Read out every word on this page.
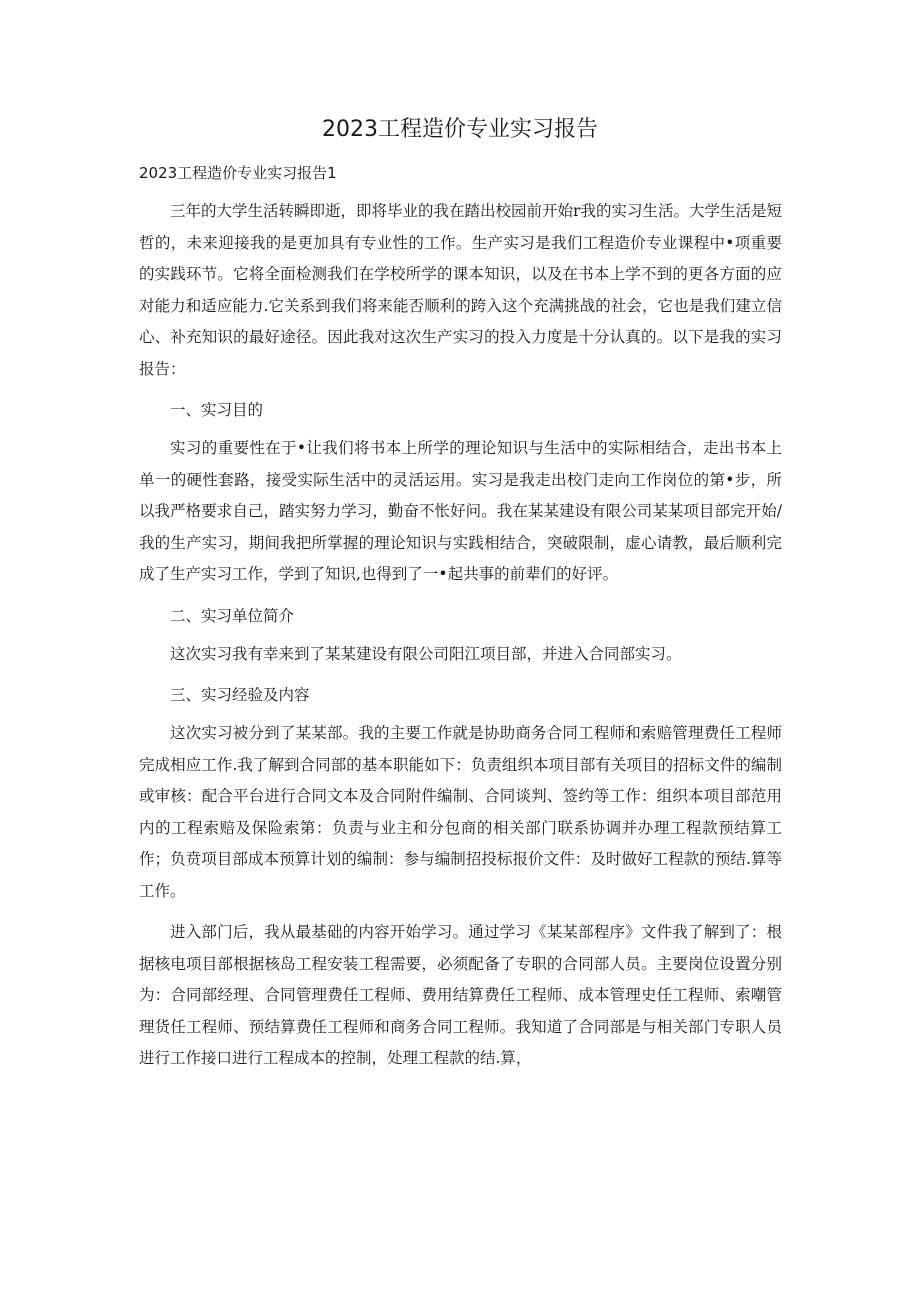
2023工程造价专业实习报告

2023工程造价专业实习报告1

三年的大学生活转瞬即逝，即将毕业的我在踏出校园前开始r我的实习生活。大学生活是短哲的，未来迎接我的是更加具有专业性的工作。生产实习是我们工程造价专业课程中•项重要的实践环节。它将全面检测我们在学校所学的课本知识，以及在书本上学不到的更各方面的应对能力和适应能力.它关系到我们将来能否顺利的跨入这个充满挑战的社会，它也是我们建立信心、补充知识的最好途径。因此我对这次生产实习的投入力度是十分认真的。以下是我的实习报告：

一、实习目的

实习的重要性在于•让我们将书本上所学的理论知识与生活中的实际相结合，走出书本上单一的硬性套路，接受实际生活中的灵活运用。实习是我走出校门走向工作岗位的第•步，所以我严格要求自己，踏实努力学习，勤奋不怅好问。我在某某建设有限公司某某项目部完开始/我的生产实习，期间我把所掌握的理论知识与实践相结合，突破限制，虚心请教，最后顺利完成了生产实习工作，学到了知识,也得到了一•起共事的前辈们的好评。

二、实习单位简介

这次实习我有幸来到了某某建设有限公司阳江项目部，并进入合同部实习。

三、实习经验及内容

这次实习被分到了某某部。我的主要工作就是协助商务合同工程师和索赔管理费任工程师完成相应工作.我了解到合同部的基本职能如下：负责组织本项目部有关项目的招标文件的编制或审核：配合平台进行合同文本及合同附件编制、合同谈判、签约等工作：组织本项目部范用内的工程索赔及保险索第：负责与业主和分包商的相关部门联系协调并办理工程款预结算工作；负贲项目部成本预算计划的编制：参与编制招投标报价文件：及时做好工程款的预结.算等工作。

进入部门后，我从最基础的内容开始学习。通过学习《某某部程序》文件我了解到了：根据核电项目部根据核岛工程安装工程需要，必须配备了专职的合同部人员。主要岗位设置分别为：合同部经理、合同管理费任工程师、费用结算费任工程师、成本管理史任工程师、索嘲管理货任工程师、预结算费任工程师和商务合同工程师。我知道了合同部是与相关部门专职人员进行工作接口进行工程成本的控制，处理工程款的结.算，
